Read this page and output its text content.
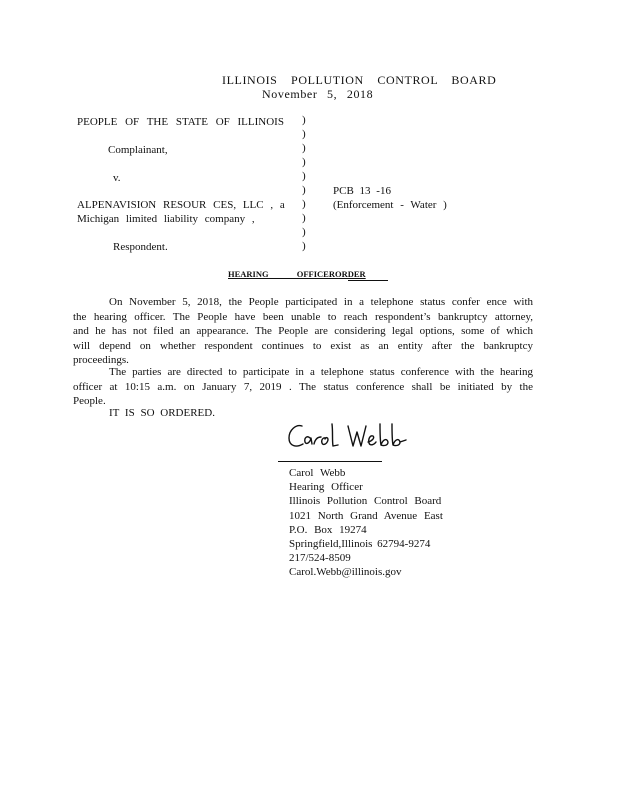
ILLINOIS POLLUTION CONTROL BOARD
November 5, 2018
PEOPLE OF THE STATE OF ILLINOIS
Complainant,
v.
ALPENAVISION RESOUR CES, LLC , a
Michigan limited liability company ,
Respondent.
)
)
)
)
)
)
)
)
)
)
PCB 13 -16
(Enforcement - Water )
HEARING OFFICERORDER
On November 5, 2018, the People participated in a telephone status confer ence with the hearing officer. The People have been unable to reach respondent’s bankruptcy attorney, and he has not filed an appearance. The People are considering legal options, some of which will depend on whether respondent continues to exist as an entity after the bankruptcy proceedings.
The parties are directed to participate in a telephone status conference with the hearing officer at 10:15 a.m. on January 7, 2019 . The status conference shall be initiated by the People.
IT IS SO ORDERED.
Carol Webb
Hearing Officer
Illinois Pollution Control Board
1021 North Grand Avenue East
P.O. Box 19274
Springfield,Illinois 62794-9274
217/524-8509
Carol.Webb@illinois.gov
